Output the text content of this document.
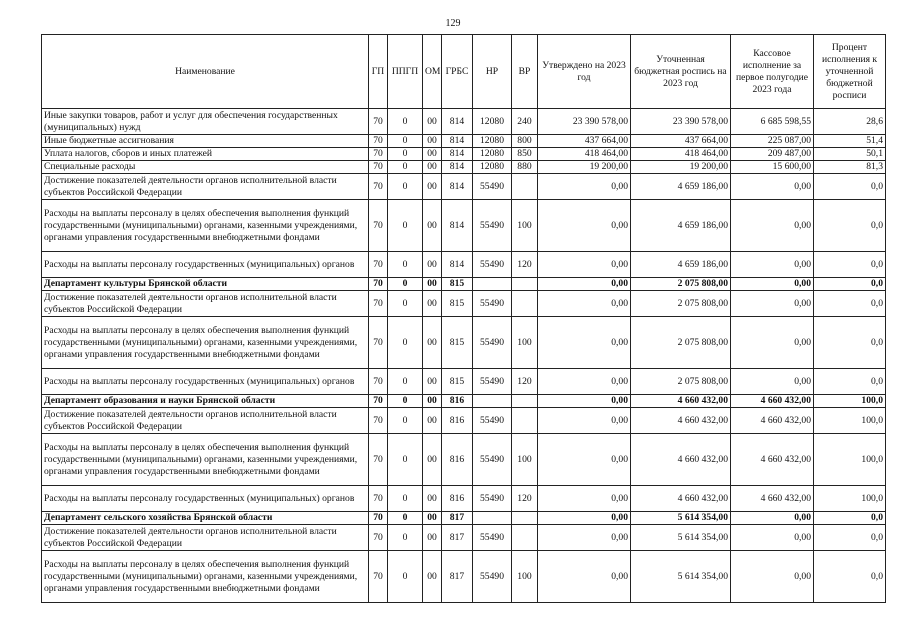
129
Наименование	ГП	ППГП	ОМ	ГРБС	НР	ВР	Утверждено на 2023 год	Уточненная бюджетная роспись на 2023 год	Кассовое исполнение за первое полугодие 2023 года	Процент исполнения к уточненной бюджетной росписи
Иные закупки товаров, работ и услуг для обеспечения государственных (муниципальных) нужд	70	0	00	814	12080	240	23 390 578,00	23 390 578,00	6 685 598,55	28,6
Иные бюджетные ассигнования	70	0	00	814	12080	800	437 664,00	437 664,00	225 087,00	51,4
Уплата налогов, сборов и иных платежей	70	0	00	814	12080	850	418 464,00	418 464,00	209 487,00	50,1
Специальные расходы	70	0	00	814	12080	880	19 200,00	19 200,00	15 600,00	81,3
Достижение показателей деятельности органов исполнительной власти субъектов Российской Федерации	70	0	00	814	55490		0,00	4 659 186,00	0,00	0,0
Расходы на выплаты персоналу в целях обеспечения выполнения функций государственными (муниципальными) органами, казенными учреждениями, органами управления государственными внебюджетными фондами	70	0	00	814	55490	100	0,00	4 659 186,00	0,00	0,0
Расходы на выплаты персоналу государственных (муниципальных) органов	70	0	00	814	55490	120	0,00	4 659 186,00	0,00	0,0
Департамент культуры Брянской области	70	0	00	815			0,00	2 075 808,00	0,00	0,0
Достижение показателей деятельности органов исполнительной власти субъектов Российской Федерации	70	0	00	815	55490		0,00	2 075 808,00	0,00	0,0
Расходы на выплаты персоналу в целях обеспечения выполнения функций государственными (муниципальными) органами, казенными учреждениями, органами управления государственными внебюджетными фондами	70	0	00	815	55490	100	0,00	2 075 808,00	0,00	0,0
Расходы на выплаты персоналу государственных (муниципальных) органов	70	0	00	815	55490	120	0,00	2 075 808,00	0,00	0,0
Департамент образования и науки Брянской области	70	0	00	816			0,00	4 660 432,00	4 660 432,00	100,0
Достижение показателей деятельности органов исполнительной власти субъектов Российской Федерации	70	0	00	816	55490		0,00	4 660 432,00	4 660 432,00	100,0
Расходы на выплаты персоналу в целях обеспечения выполнения функций государственными (муниципальными) органами, казенными учреждениями, органами управления государственными внебюджетными фондами	70	0	00	816	55490	100	0,00	4 660 432,00	4 660 432,00	100,0
Расходы на выплаты персоналу государственных (муниципальных) органов	70	0	00	816	55490	120	0,00	4 660 432,00	4 660 432,00	100,0
Департамент сельского хозяйства Брянской области	70	0	00	817			0,00	5 614 354,00	0,00	0,0
Достижение показателей деятельности органов исполнительной власти субъектов Российской Федерации	70	0	00	817	55490		0,00	5 614 354,00	0,00	0,0
Расходы на выплаты персоналу в целях обеспечения выполнения функций государственными (муниципальными) органами, казенными учреждениями, органами управления государственными внебюджетными фондами	70	0	00	817	55490	100	0,00	5 614 354,00	0,00	0,0
